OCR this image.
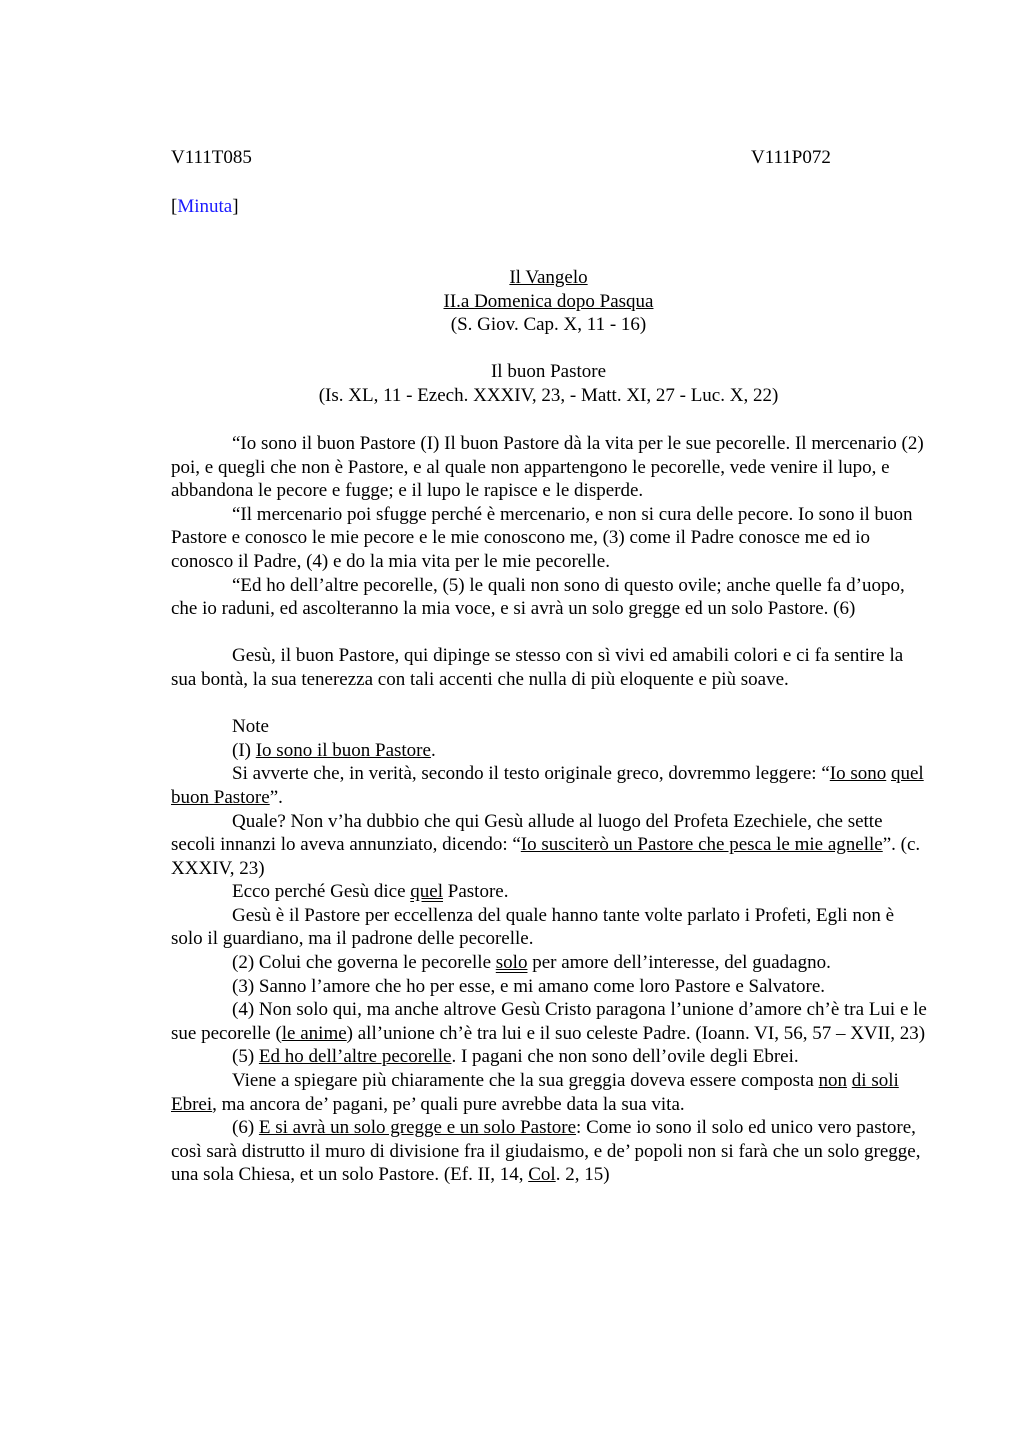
V111T085	V111P072
[Minuta]
Il Vangelo
II.a Domenica dopo Pasqua
(S. Giov. Cap. X, 11 - 16)

Il buon Pastore
(Is. XL, 11 - Ezech. XXXIV, 23, - Matt. XI, 27 - Luc. X, 22)

“Io sono il buon Pastore (I) Il buon Pastore dà la vita per le sue pecorelle. Il mercenario (2) poi, e quegli che non è Pastore, e al quale non appartengono le pecorelle, vede venire il lupo, e abbandona le pecore e fugge; e il lupo le rapisce e le disperde.

“Il mercenario poi sfugge perché è mercenario, e non si cura delle pecore. Io sono il buon Pastore e conosco le mie pecore e le mie conoscono me, (3) come il Padre conosce me ed io conosco il Padre, (4) e do la mia vita per le mie pecorelle.

“Ed ho dell’altre pecorelle, (5) le quali non sono di questo ovile; anche quelle fa d’uopo, che io raduni, ed ascolteranno la mia voce, e si avrà un solo gregge ed un solo Pastore. (6)

Gesù, il buon Pastore, qui dipinge se stesso con sì vivi ed amabili colori e ci fa sentire la sua bontà, la sua tenerezza con tali accenti che nulla di più eloquente e più soave.

Note

(I) Io sono il buon Pastore.

Si avverte che, in verità, secondo il testo originale greco, dovremmo leggere: “Io sono quel buon Pastore”.

Quale? Non v’ha dubbio che qui Gesù allude al luogo del Profeta Ezechiele, che sette secoli innanzi lo aveva annunziato, dicendo: “Io susciterò un Pastore che pesca le mie agnelle”. (c. XXXIV, 23)

Ecco perché Gesù dice quel Pastore.

Gesù è il Pastore per eccellenza del quale hanno tante volte parlato i Profeti, Egli non è solo il guardiano, ma il padrone delle pecorelle.

(2) Colui che governa le pecorelle solo per amore dell’interesse, del guadagno.

(3) Sanno l’amore che ho per esse, e mi amano come loro Pastore e Salvatore.

(4) Non solo qui, ma anche altrove Gesù Cristo paragona l’unione d’amore ch’è tra Lui e le sue pecorelle (le anime) all’unione ch’è tra lui e il suo celeste Padre. (Ioann. VI, 56, 57 – XVII, 23)

(5) Ed ho dell’altre pecorelle. I pagani che non sono dell’ovile degli Ebrei.

Viene a spiegare più chiaramente che la sua greggia doveva essere composta non di soli Ebrei, ma ancora de’ pagani, pe’ quali pure avrebbe data la sua vita.

(6) E si avrà un solo gregge e un solo Pastore: Come io sono il solo ed unico vero pastore, così sarà distrutto il muro di divisione fra il giudaismo, e de’ popoli non si farà che un solo gregge, una sola Chiesa, et un solo Pastore. (Ef. II, 14, Col. 2, 15)
